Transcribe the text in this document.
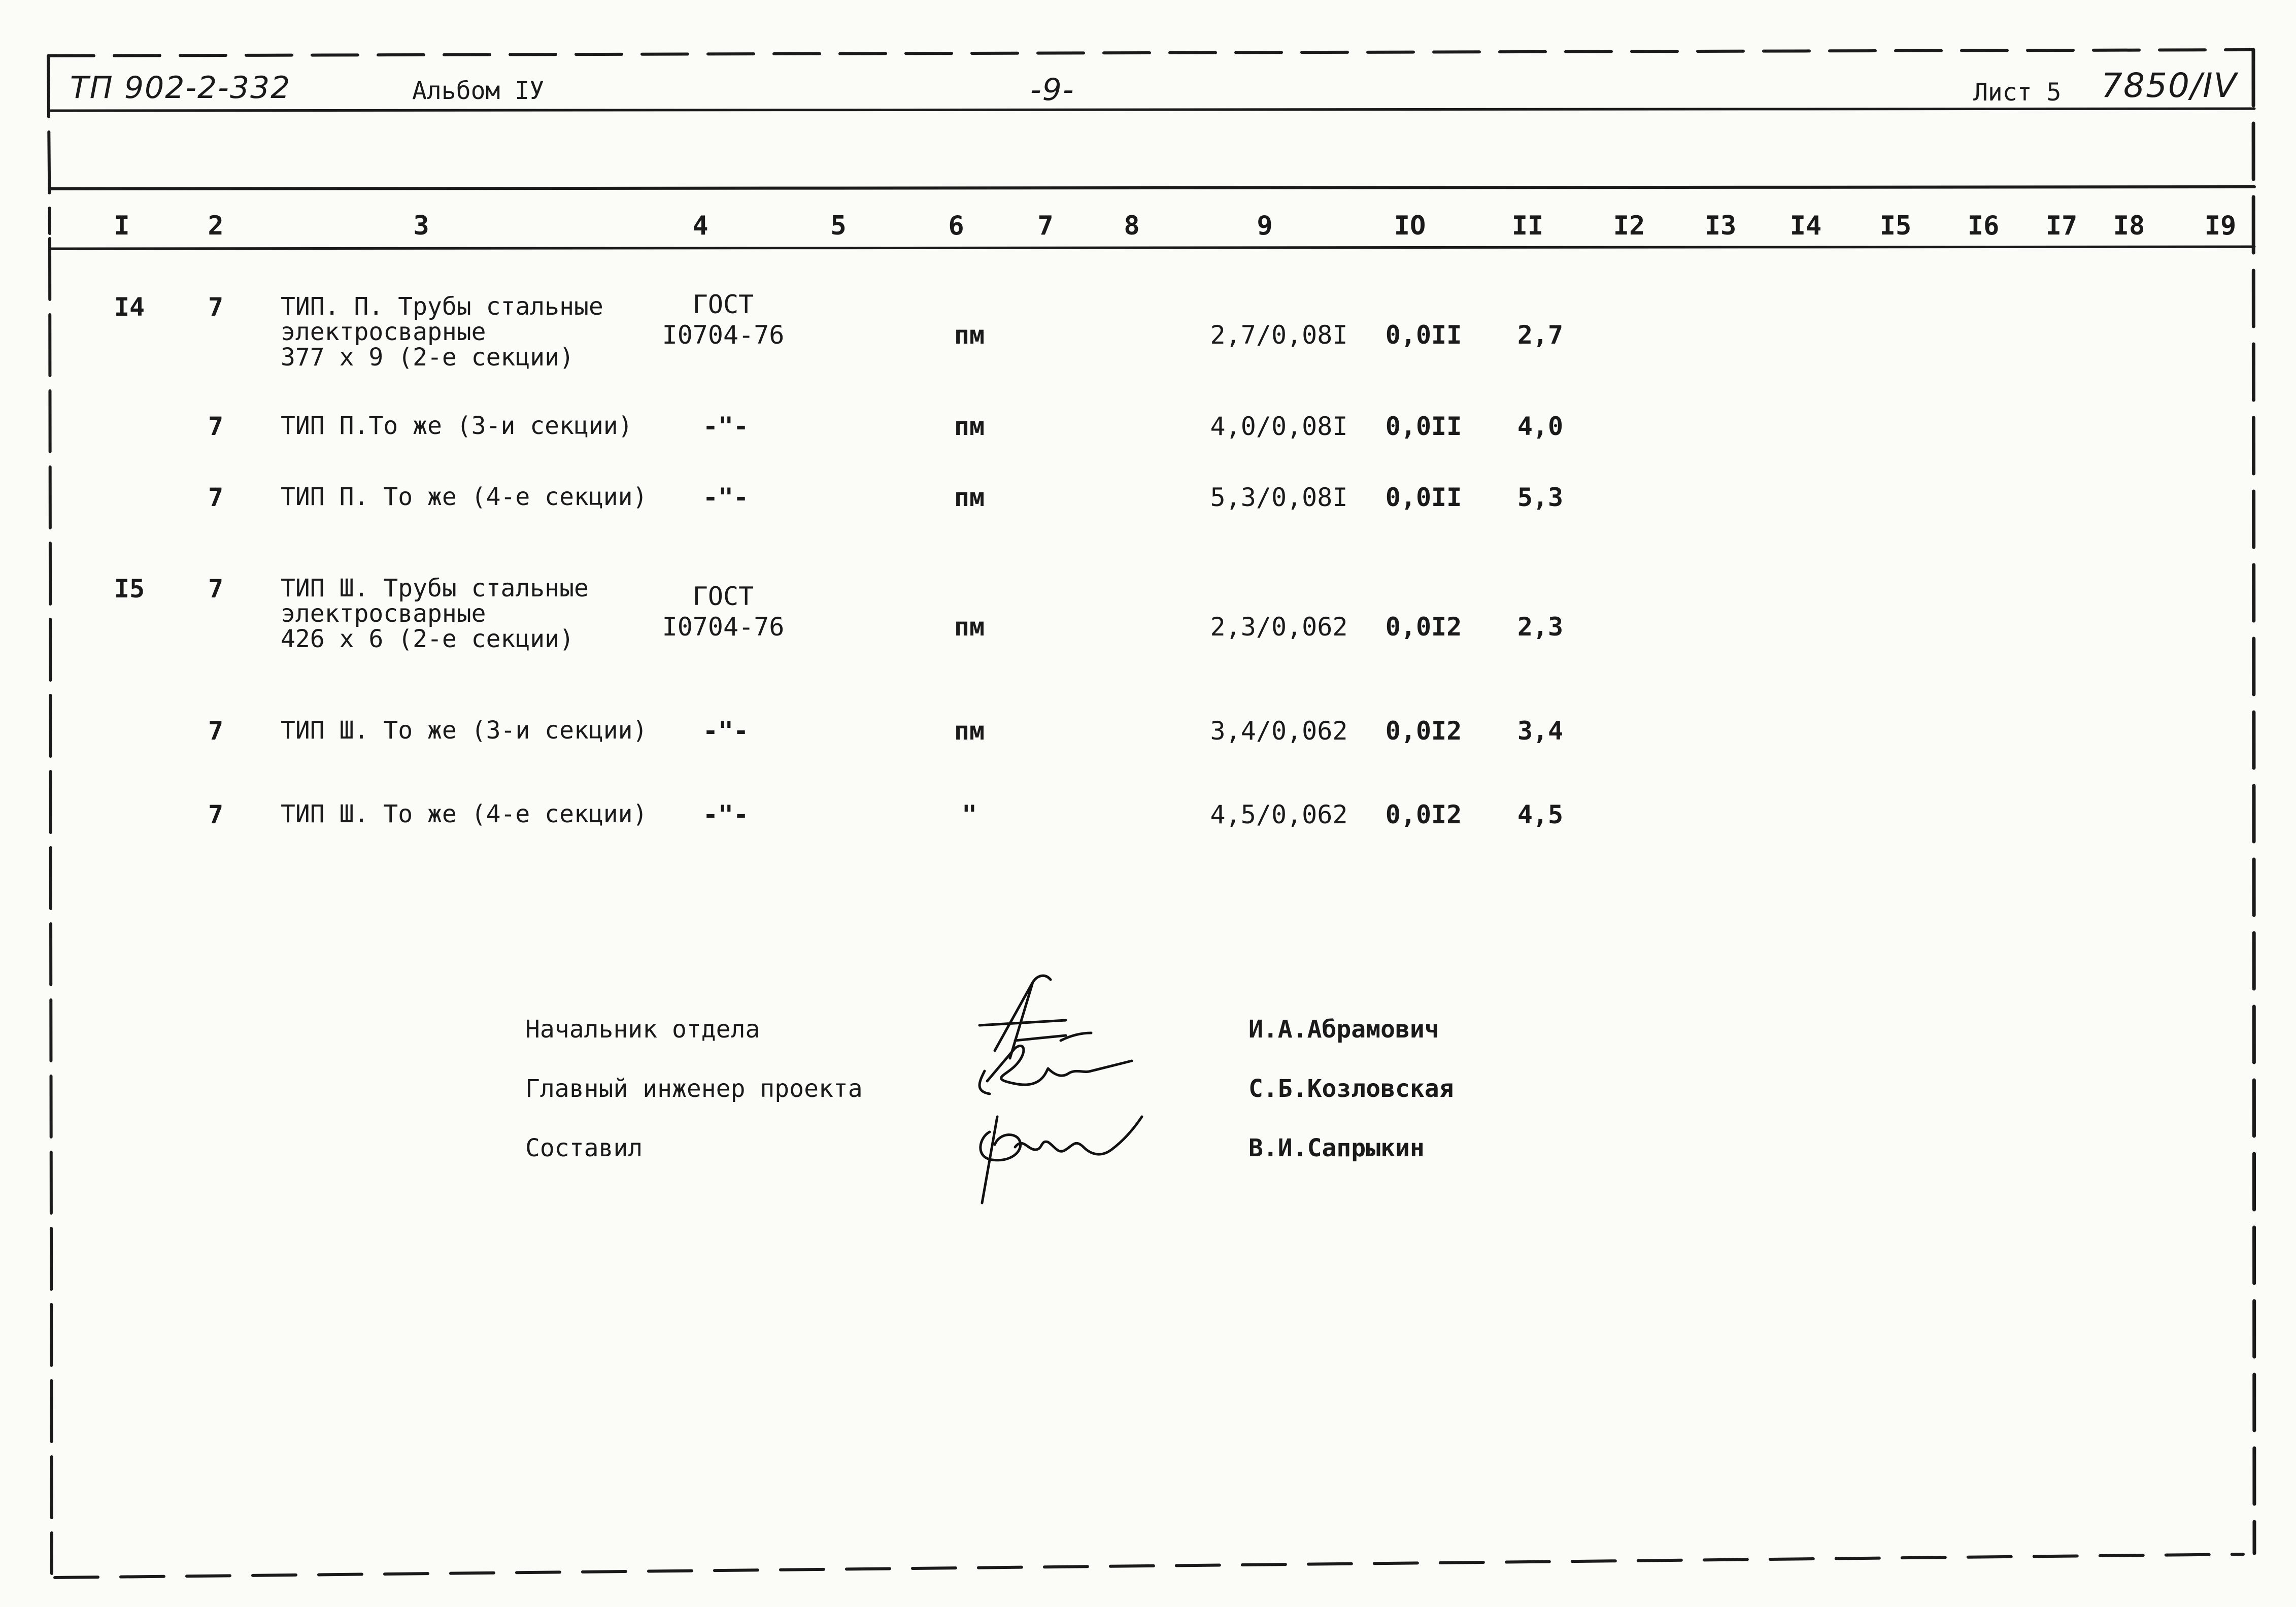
ТП 902-2-332	Альбом IУ	-9-	Лист 5 7850/IV
I	2	3	4	5	6	7	8	9	IO	II	I2 I3 I4 I5 I6 I7 I8 I9
I4 7 ТИП. П. Трубы стальные
электросварные
377 х 9 (2-е секции)
ГОСТ
I0704-76	пм	2,7/0,08I 0,0II 2,7
7 ТИП П.То же (3-и секции)	-"-	пм	4,0/0,08I 0,0II 4,0
7 ТИП П. То же (4-е секции) -"-	пм	5,3/0,08I 0,0II 5,3
I5 7 ТИП Ш. Трубы стальные
электросварные
426 х 6 (2-е секции)
ГОСТ
I0704-76	пм	2,3/0,062 0,0I2 2,3
7 ТИП Ш. То же (3-и секции) -"-	пм	3,4/0,062 0,0I2 3,4
7 ТИП Ш. То же (4-е секции) -"-	"	4,5/0,062 0,0I2 4,5
Начальник отдела	И.А.Абрамович
Главный инженер проекта	С.Б.Козловская
Составил	В.И.Сапрыкин
